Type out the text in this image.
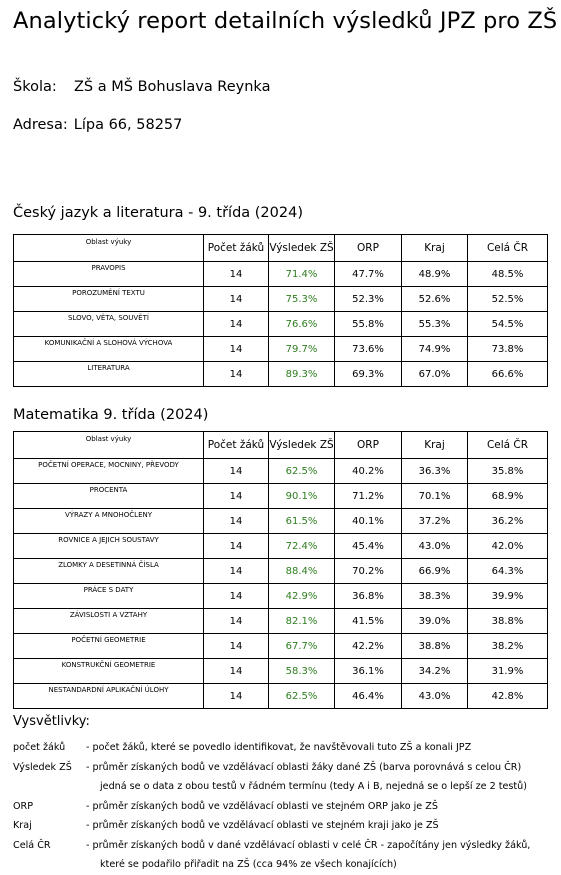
Analytický report detailních výsledků JPZ pro ZŠ
Škola: ZŠ a MŠ Bohuslava Reynka
Adresa: Lípa 66, 58257
Český jazyk a literatura - 9. třída (2024)
Oblast výuky	Počet žáků	Výsledek ZŠ	ORP	Kraj	Celá ČR
PRAVOPIS	14	71.4%	47.7%	48.9%	48.5%
POROZUMĚNÍ TEXTU	14	75.3%	52.3%	52.6%	52.5%
SLOVO, VĚTA, SOUVĚTÍ	14	76.6%	55.8%	55.3%	54.5%
KOMUNIKAČNÍ A SLOHOVÁ VÝCHOVA	14	79.7%	73.6%	74.9%	73.8%
LITERATURA	14	89.3%	69.3%	67.0%	66.6%
Matematika 9. třída (2024)
Oblast výuky	Počet žáků	Výsledek ZŠ	ORP	Kraj	Celá ČR
POČETNÍ OPERACE, MOCNINY, PŘEVODY	14	62.5%	40.2%	36.3%	35.8%
PROCENTA	14	90.1%	71.2%	70.1%	68.9%
VÝRAZY A MNOHOČLENY	14	61.5%	40.1%	37.2%	36.2%
ROVNICE A JEJICH SOUSTAVY	14	72.4%	45.4%	43.0%	42.0%
ZLOMKY A DESETINNÁ ČÍSLA	14	88.4%	70.2%	66.9%	64.3%
PRÁCE S DATY	14	42.9%	36.8%	38.3%	39.9%
ZÁVISLOSTI A VZTAHY	14	82.1%	41.5%	39.0%	38.8%
POČETNÍ GEOMETRIE	14	67.7%	42.2%	38.8%	38.2%
KONSTRUKČNÍ GEOMETRIE	14	58.3%	36.1%	34.2%	31.9%
NESTANDARDNÍ APLIKAČNÍ ÚLOHY	14	62.5%	46.4%	43.0%	42.8%
Vysvětlivky:
počet žáků	- počet žáků, které se povedlo identifikovat, že navštěvovali tuto ZŠ a konali JPZ
Výsledek ZŠ	- průměr získaných bodů ve vzdělávací oblasti žáky dané ZŠ (barva porovnává s celou ČR)
jedná se o data z obou testů v řádném termínu (tedy A i B, nejedná se o lepší ze 2 testů)
ORP	- průměr získaných bodů ve vzdělávací oblasti ve stejném ORP jako je ZŠ
Kraj	- průměr získaných bodů ve vzdělávací oblasti ve stejném kraji jako je ZŠ
Celá ČR	- průměr získaných bodů v dané vzdělávací oblasti v celé ČR - započítány jen výsledky žáků,
které se podařilo přiřadit na ZŠ (cca 94% ze všech konajících)
